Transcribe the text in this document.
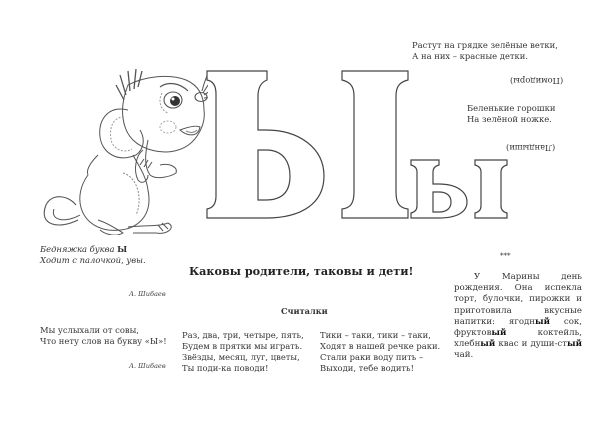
Растут на грядке зелёные ветки,
А на них – красные детки.
(Помидоры)
Беленькие горошки
На зелёной ножке.
(Ландыши)
Бедняжка буква Ы
Ходит с палочкой, увы.
А. Шибаев
Мы услыхали от совы,
Что нету слов на букву «Ы»!
А. Шибаев
Каковы родители, таковы и дети!
Считалки
Раз, два, три, четыре, пять,
Будем в прятки мы играть.
Звёзды, месяц, луг, цветы,
Ты поди-ка поводи!
Тики – таки, тики – таки,
Ходят в нашей речке раки.
Стали раки воду пить –
Выходи, тебе водить!
***
У Марины день рождения. Она испекла торт, булочки, пирожки и приготовила вкусные напитки: ягодный сок, фруктовый коктейль, хлебный квас и души-стый чай.
